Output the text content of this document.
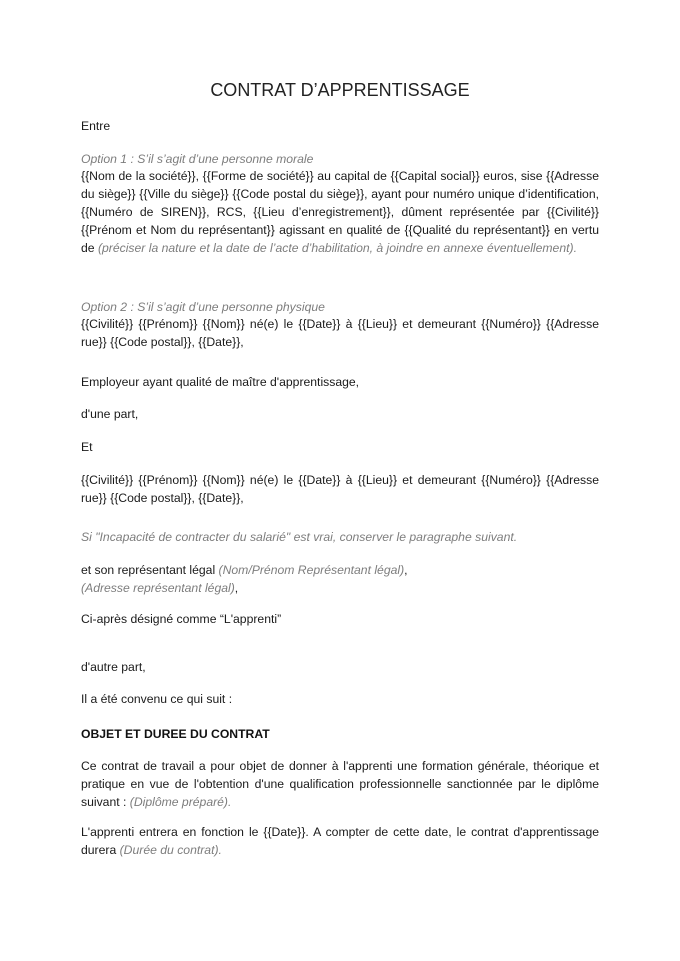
CONTRAT D’APPRENTISSAGE

Entre

Option 1 : S’il s’agit d’une personne morale

{{Nom de la société}}, {{Forme de société}} au capital de {{Capital social}} euros, sise {{Adresse du siège}} {{Ville du siège}} {{Code postal du siège}}, ayant pour numéro unique d’identification, {{Numéro de SIREN}}, RCS, {{Lieu d’enregistrement}}, dûment représentée par {{Civilité}} {{Prénom et Nom du représentant}} agissant en qualité de {{Qualité du représentant}} en vertu de (préciser la nature et la date de l’acte d’habilitation, à joindre en annexe éventuellement).

Option 2 : S’il s’agit d’une personne physique

{{Civilité}} {{Prénom}} {{Nom}} né(e) le {{Date}} à {{Lieu}} et demeurant {{Numéro}} {{Adresse rue}} {{Code postal}}, {{Date}},

Employeur ayant qualité de maître d'apprentissage,

d'une part,

Et

{{Civilité}} {{Prénom}} {{Nom}} né(e) le {{Date}} à {{Lieu}} et demeurant {{Numéro}} {{Adresse rue}} {{Code postal}}, {{Date}},

Si "Incapacité de contracter du salarié" est vrai, conserver le paragraphe suivant.

et son représentant légal (Nom/Prénom Représentant légal),
(Adresse représentant légal),

Ci-après désigné comme “L'apprenti”

d'autre part,

Il a été convenu ce qui suit :

OBJET ET DUREE DU CONTRAT

Ce contrat de travail a pour objet de donner à l'apprenti une formation générale, théorique et pratique en vue de l'obtention d'une qualification professionnelle sanctionnée par le diplôme suivant : (Diplôme préparé).

L'apprenti entrera en fonction le {{Date}}. A compter de cette date, le contrat d'apprentissage durera (Durée du contrat).
